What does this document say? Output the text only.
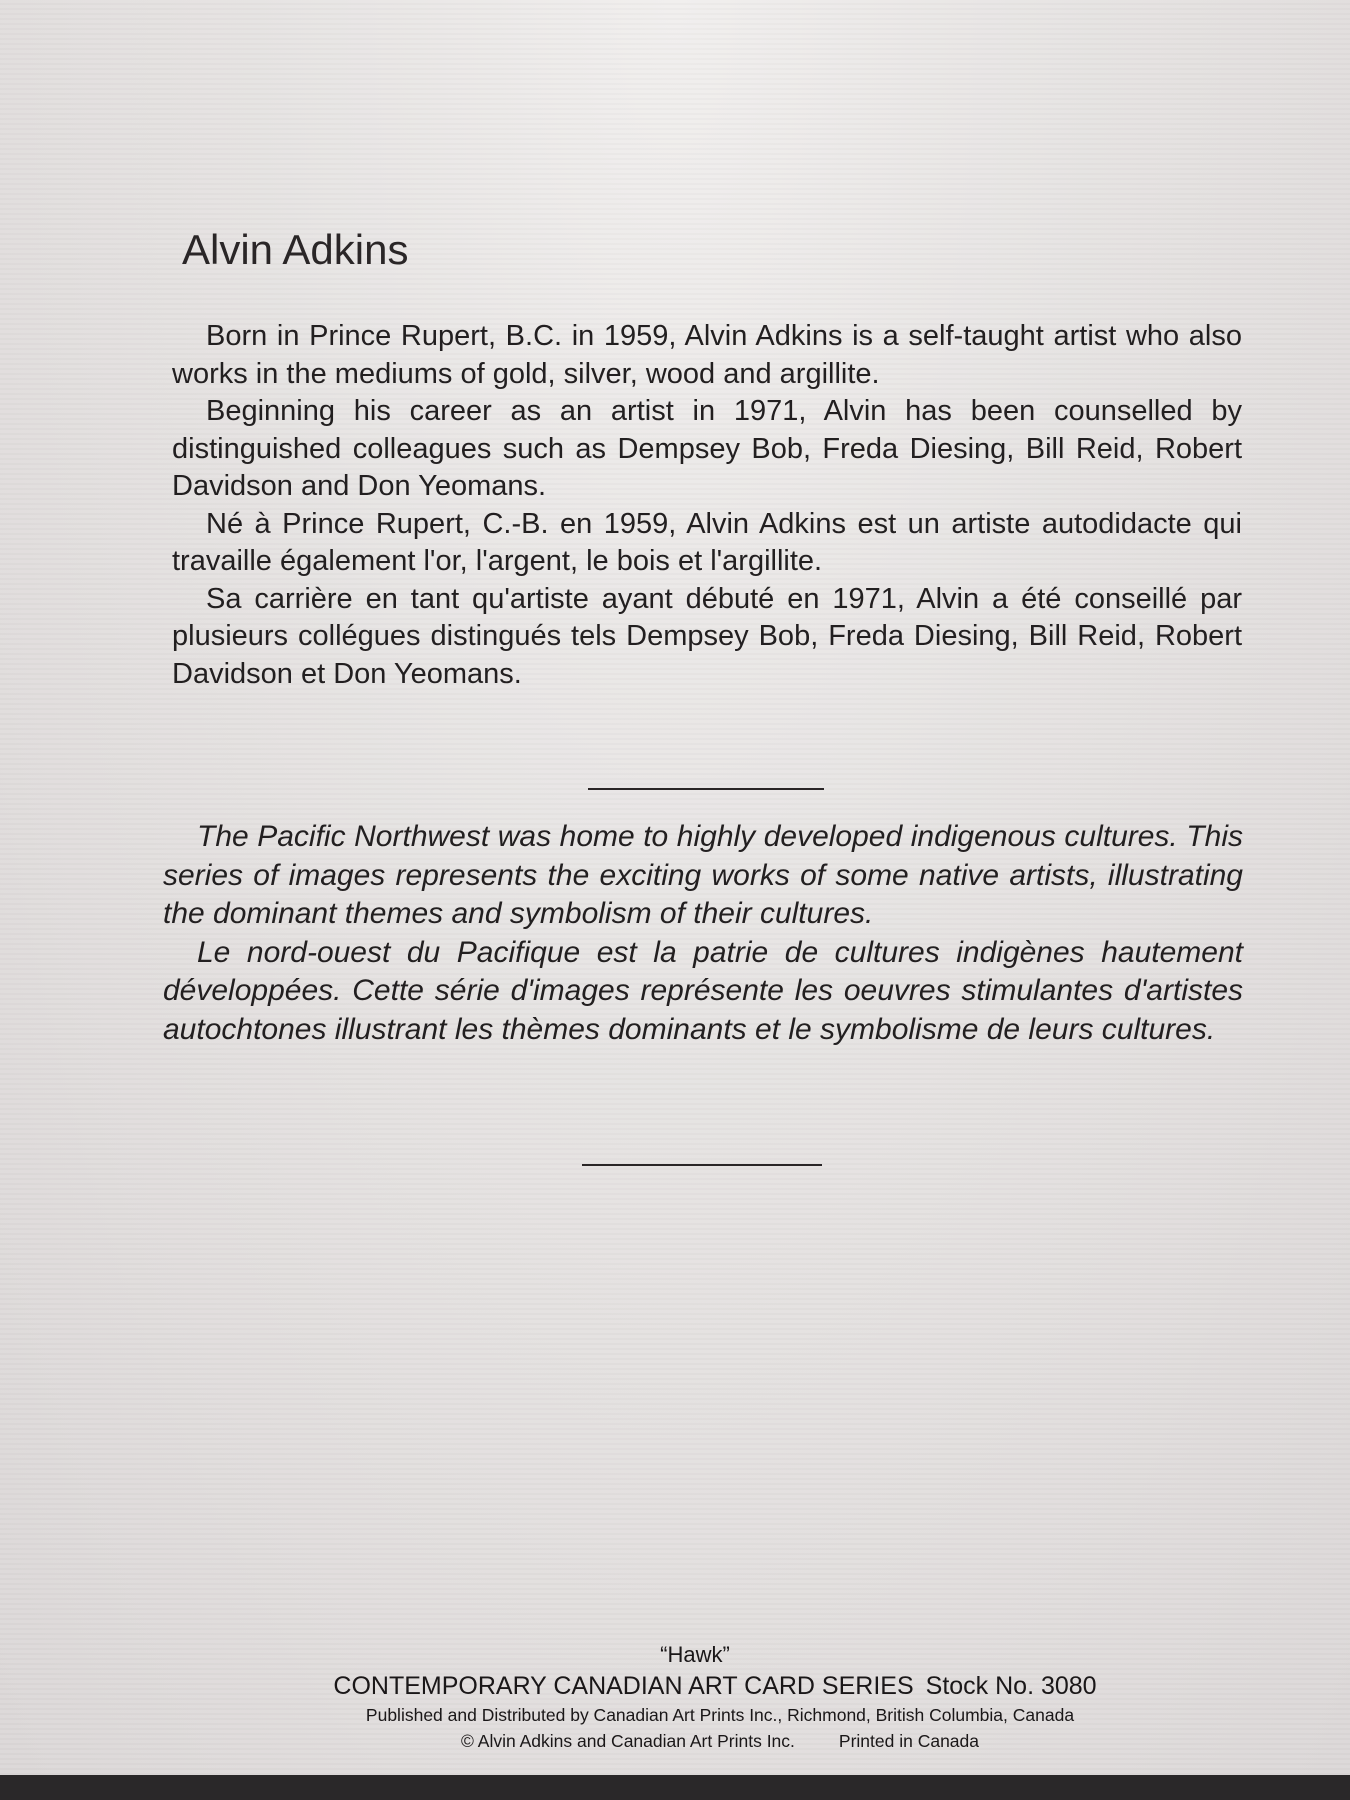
Alvin Adkins

Born in Prince Rupert, B.C. in 1959, Alvin Adkins is a self-taught artist who also works in the mediums of gold, silver, wood and argillite.

Beginning his career as an artist in 1971, Alvin has been counselled by distinguished colleagues such as Dempsey Bob, Freda Diesing, Bill Reid, Robert Davidson and Don Yeomans.

Né à Prince Rupert, C.-B. en 1959, Alvin Adkins est un artiste autodidacte qui travaille également l'or, l'argent, le bois et l'argillite.

Sa carrière en tant qu'artiste ayant débuté en 1971, Alvin a été conseillé par plusieurs collégues distingués tels Dempsey Bob, Freda Diesing, Bill Reid, Robert Davidson et Don Yeomans.

The Pacific Northwest was home to highly developed indigenous cultures. This series of images represents the exciting works of some native artists, illustrating the dominant themes and symbolism of their cultures.

Le nord-ouest du Pacifique est la patrie de cultures indigènes hautement développées. Cette série d'images représente les oeuvres stimulantes d'artistes autochtones illustrant les thèmes dominants et le symbolisme de leurs cultures.

“Hawk”
CONTEMPORARY CANADIAN ART CARD SERIES Stock No. 3080
Published and Distributed by Canadian Art Prints Inc., Richmond, British Columbia, Canada
© Alvin Adkins and Canadian Art Prints Inc.	Printed in Canada
